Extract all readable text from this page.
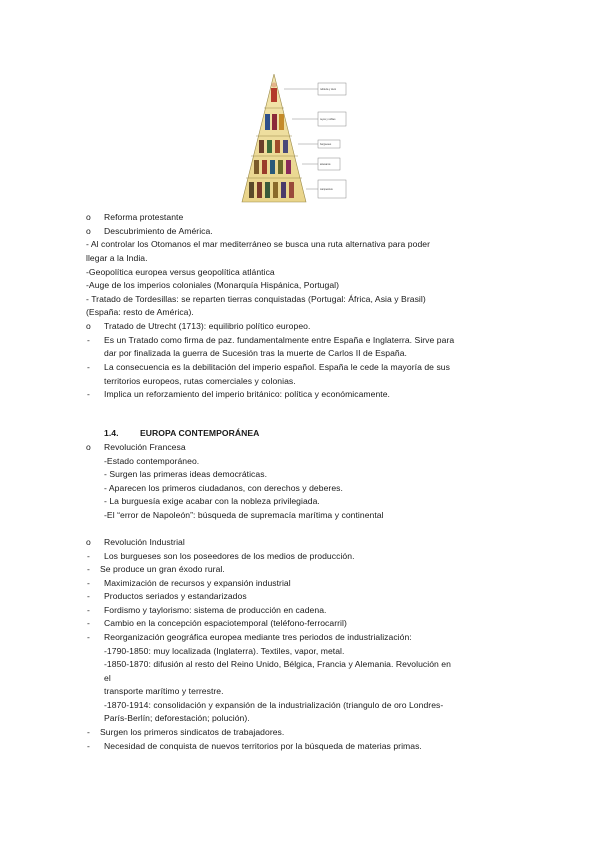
nobleza y clero
reyes y nobles
burgueses
artesanos
campesinos
o Reforma protestante
o Descubrimiento de América.
- Al controlar los Otomanos el mar mediterráneo se busca una ruta alternativa para poder
llegar a la India.
-Geopolítica europea versus geopolítica atlántica
-Auge de los imperios coloniales (Monarquía Hispánica, Portugal)
- Tratado de Tordesillas: se reparten tierras conquistadas (Portugal: África, Asia y Brasil)
(España: resto de América).
o Tratado de Utrecht (1713): equilibrio político europeo.
- Es un Tratado como firma de paz. fundamentalmente entre España e Inglaterra. Sirve para
dar por finalizada la guerra de Sucesión tras la muerte de Carlos II de España.
- La consecuencia es la debilitación del imperio español. España le cede la mayoría de sus
territorios europeos, rutas comerciales y colonias.
- Implica un reforzamiento del imperio británico: política y económicamente.
1.4. EUROPA CONTEMPORÁNEA
o Revolución Francesa
-Estado contemporáneo.
- Surgen las primeras ideas democráticas.
- Aparecen los primeros ciudadanos, con derechos y deberes.
- La burguesía exige acabar con la nobleza privilegiada.
-El “error de Napoleón”: búsqueda de supremacía marítima y continental
o Revolución Industrial
- Los burgueses son los poseedores de los medios de producción.
- Se produce un gran éxodo rural.
- Maximización de recursos y expansión industrial
- Productos seriados y estandarizados
- Fordismo y taylorismo: sistema de producción en cadena.
- Cambio en la concepción espaciotemporal (teléfono-ferrocarril)
- Reorganización geográfica europea mediante tres periodos de industrialización:
-1790-1850: muy localizada (Inglaterra). Textiles, vapor, metal.
-1850-1870: difusión al resto del Reino Unido, Bélgica, Francia y Alemania. Revolución en
el
transporte marítimo y terrestre.
-1870-1914: consolidación y expansión de la industrialización (triangulo de oro Londres-
París-Berlín; deforestación; polución).
- Surgen los primeros sindicatos de trabajadores.
- Necesidad de conquista de nuevos territorios por la búsqueda de materias primas.
